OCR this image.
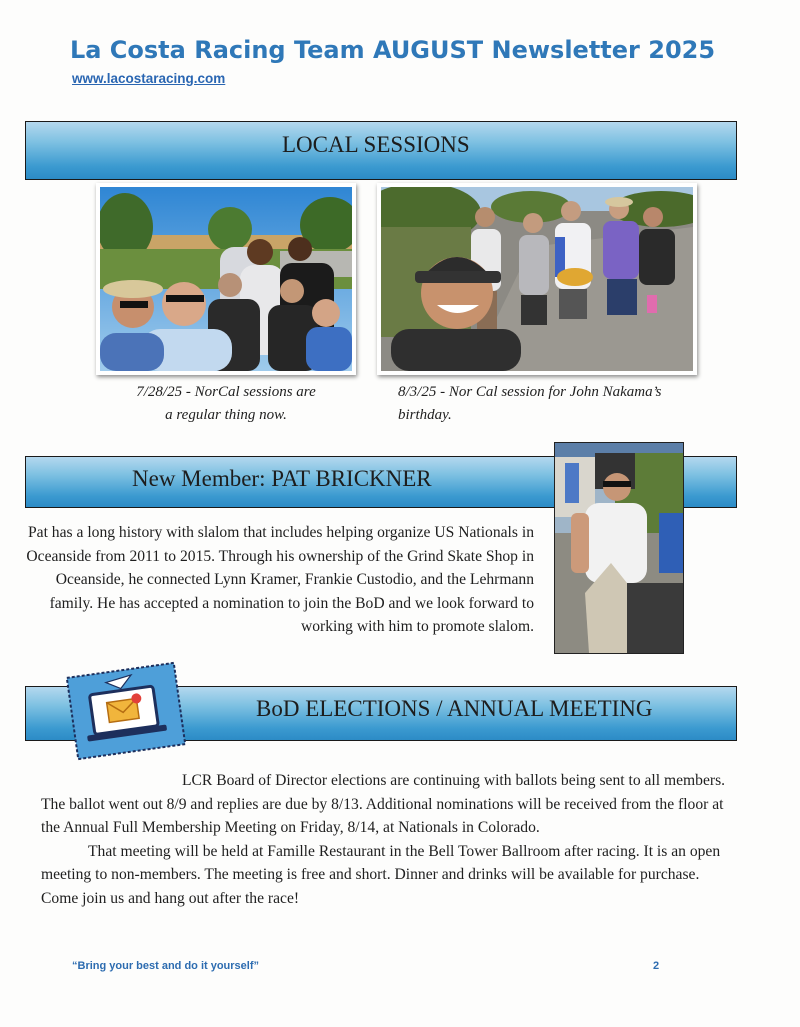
La Costa Racing Team AUGUST Newsletter 2025
www.lacostaracing.com
LOCAL SESSIONS
7/28/25 - NorCal sessions are
a regular thing now.
8/3/25 - Nor Cal session for John Nakama’s
birthday.
New Member: PAT BRICKNER
Pat has a long history with slalom that includes helping organize US Nationals in
Oceanside from 2011 to 2015. Through his ownership of the Grind Skate Shop in
Oceanside, he connected Lynn Kramer, Frankie Custodio, and the Lehrmann
family. He has accepted a nomination to join the BoD and we look forward to
working with him to promote slalom.
BoD ELECTIONS / ANNUAL MEETING
LCR Board of Director elections are continuing with ballots being sent to all members.
The ballot went out 8/9 and replies are due by 8/13. Additional nominations will be received from the floor at
the Annual Full Membership Meeting on Friday, 8/14, at Nationals in Colorado.
That meeting will be held at Famille Restaurant in the Bell Tower Ballroom after racing. It is an open
meeting to non-members. The meeting is free and short. Dinner and drinks will be available for purchase.
Come join us and hang out after the race!
“Bring your best and do it yourself”	2
